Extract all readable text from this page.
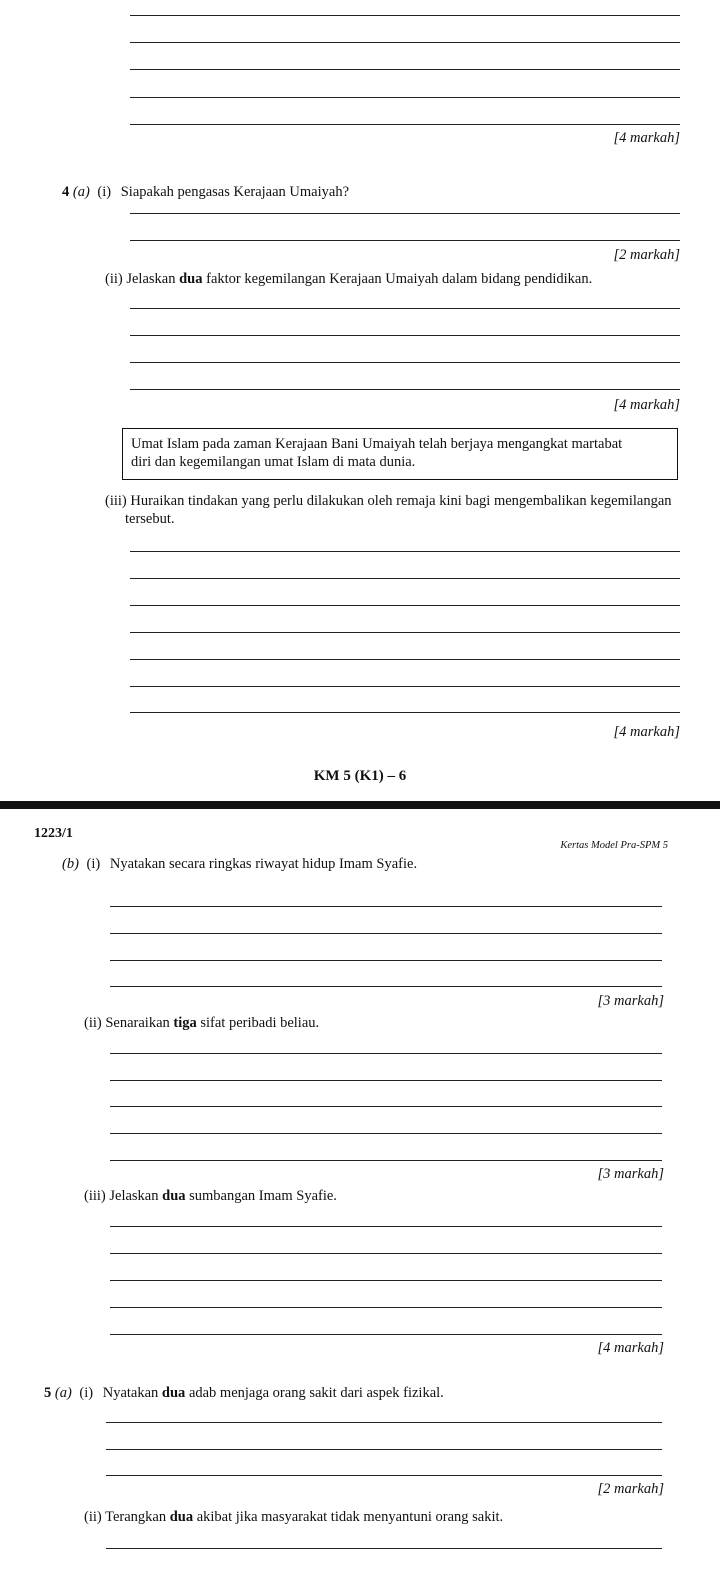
[4 markah]
4 (a) (i) Siapakah pengasas Kerajaan Umaiyah?
[2 markah]
(ii) Jelaskan dua faktor kegemilangan Kerajaan Umaiyah dalam bidang pendidikan.
[4 markah]
Umat Islam pada zaman Kerajaan Bani Umaiyah telah berjaya mengangkat martabat
diri dan kegemilangan umat Islam di mata dunia.
(iii) Huraikan tindakan yang perlu dilakukan oleh remaja kini bagi mengembalikan kegemilangan
tersebut.
[4 markah]
KM 5 (K1) – 6
1223/1
Kertas Model Pra-SPM 5
(b) (i) Nyatakan secara ringkas riwayat hidup Imam Syafie.
[3 markah]
(ii) Senaraikan tiga sifat peribadi beliau.
[3 markah]
(iii) Jelaskan dua sumbangan Imam Syafie.
[4 markah]
5 (a) (i) Nyatakan dua adab menjaga orang sakit dari aspek fizikal.
[2 markah]
(ii) Terangkan dua akibat jika masyarakat tidak menyantuni orang sakit.
